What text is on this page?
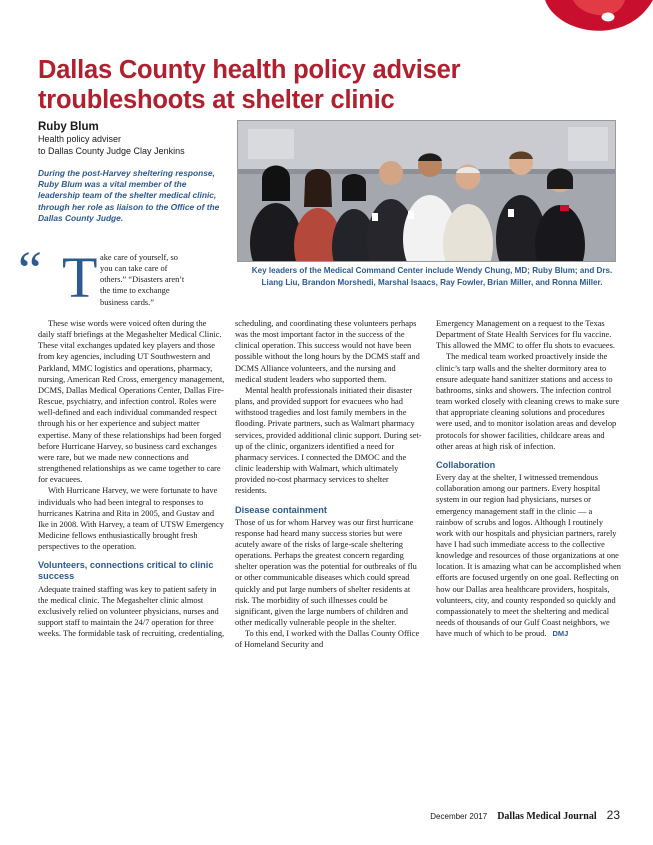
Dallas County health policy adviser troubleshoots at shelter clinic
Ruby Blum
Health policy adviser
to Dallas County Judge Clay Jenkins
During the post-Harvey sheltering response, Ruby Blum was a vital member of the leadership team of the shelter medical clinic, through her role as liaison to the Office of the Dallas County Judge.
Key leaders of the Medical Command Center include Wendy Chung, MD; Ruby Blum; and Drs. Liang Liu, Brandon Morshedi, Marshal Isaacs, Ray Fowler, Brian Miller, and Ronna Miller.
“ T ake care of yourself, so
you can take care of
others.” “Disasters aren’t
the time to exchange
business cards.”

These wise words were voiced often during the daily staff briefings at the Megashelter Medical Clinic. These vital exchanges updated key players and those from key agencies, including UT Southwestern and Parkland, MMC logistics and operations, pharmacy, nursing, American Red Cross, emergency management, DCMS, Dallas Medical Operations Center, Dallas Fire-Rescue, psychiatry, and infection control. Roles were well-defined and each individual commanded respect through his or her experience and subject matter expertise. Many of these relationships had been forged before Hurricane Harvey, so business card exchanges were rare, but we made new connections and strengthened relationships as we came together to care for evacuees.

With Hurricane Harvey, we were fortunate to have individuals who had been integral to responses to hurricanes Katrina and Rita in 2005, and Gustav and Ike in 2008. With Harvey, a team of UTSW Emergency Medicine fellows enthusiastically brought fresh perspectives to the operation.

Volunteers, connections critical to clinic success

Adequate trained staffing was key to patient safety in the medical clinic. The Megashelter clinic almost exclusively relied on volunteer physicians, nurses and support staff to maintain the 24/7 operation for three weeks. The formidable task of recruiting, credentialing,

scheduling, and coordinating these volunteers perhaps was the most important factor in the success of the clinical operation. This success would not have been possible without the long hours by the DCMS staff and DCMS Alliance volunteers, and the nursing and medical student leaders who supported them.

Mental health professionals initiated their disaster plans, and provided support for evacuees who had withstood tragedies and lost family members in the flooding. Private partners, such as Walmart pharmacy services, provided additional clinic support. During set-up of the clinic, organizers identified a need for pharmacy services. I connected the DMOC and the clinic leadership with Walmart, which ultimately provided no-cost pharmacy services to shelter residents.

Disease containment

Those of us for whom Harvey was our first hurricane response had heard many success stories but were acutely aware of the risks of large-scale sheltering operations. Perhaps the greatest concern regarding shelter operation was the potential for outbreaks of flu or other communicable diseases which could spread quickly and put large numbers of shelter residents at risk. The morbidity of such illnesses could be significant, given the large numbers of children and other medically vulnerable people in the shelter.

To this end, I worked with the Dallas County Office of Homeland Security and

Emergency Management on a request to the Texas Department of State Health Services for flu vaccine. This allowed the MMC to offer flu shots to evacuees.

The medical team worked proactively inside the clinic’s tarp walls and the shelter dormitory area to ensure adequate hand sanitizer stations and access to bathrooms, sinks and showers. The infection control team worked closely with cleaning crews to make sure that appropriate cleaning solutions and procedures were used, and to monitor isolation areas and develop protocols for shower facilities, childcare areas and other areas at high risk of infection.

Collaboration

Every day at the shelter, I witnessed tremendous collaboration among our partners. Every hospital system in our region had physicians, nurses or emergency management staff in the clinic — a rainbow of scrubs and logos. Although I routinely work with our hospitals and physician partners, rarely have I had such immediate access to the collective knowledge and resources of those organizations at one location. It is amazing what can be accomplished when efforts are focused urgently on one goal. Reflecting on how our Dallas area healthcare providers, hospitals, volunteers, city, and county responded so quickly and compassionately to meet the sheltering and medical needs of thousands of our Gulf Coast neighbors, we have much of which to be proud. DMJ

December 2017 Dallas Medical Journal 23
